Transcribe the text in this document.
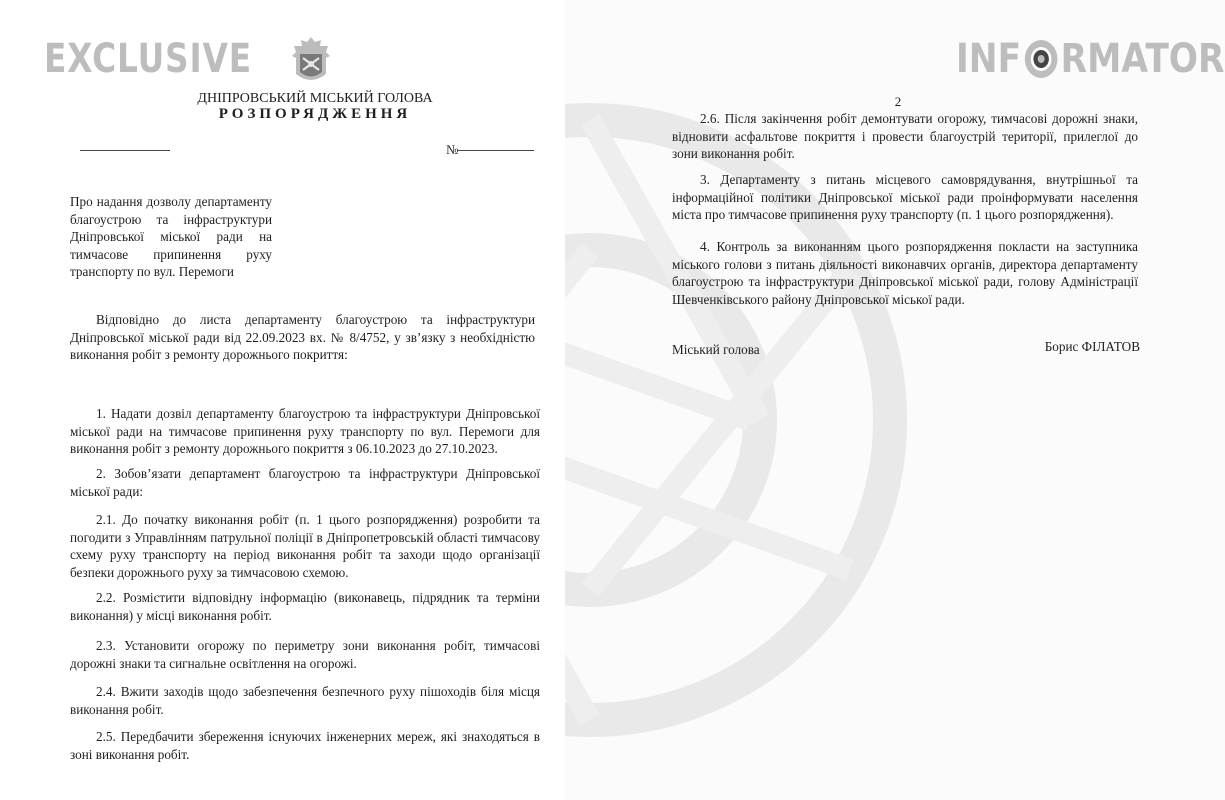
EXCLUSIVE	INF RMATOR

ДНІПРОВСЬКИЙ МІСЬКИЙ ГОЛОВА

РОЗПОРЯДЖЕННЯ

№

Про надання дозволу департаменту благоустрою та інфраструктури Дніпровської міської ради на тимчасове припинення руху транспорту по вул. Перемоги

Відповідно до листа департаменту благоустрою та інфраструктури Дніпровської міської ради від 22.09.2023 вх. № 8/4752, у зв’язку з необхідністю виконання робіт з ремонту дорожнього покриття:

1. Надати дозвіл департаменту благоустрою та інфраструктури Дніпровської міської ради на тимчасове припинення руху транспорту по вул. Перемоги для виконання робіт з ремонту дорожнього покриття з 06.10.2023 до 27.10.2023.

2. Зобов’язати департамент благоустрою та інфраструктури Дніпровської міської ради:

2.1. До початку виконання робіт (п. 1 цього розпорядження) розробити та погодити з Управлінням патрульної поліції в Дніпропетровській області тимчасову схему руху транспорту на період виконання робіт та заходи щодо організації безпеки дорожнього руху за тимчасовою схемою.

2.2. Розмістити відповідну інформацію (виконавець, підрядник та терміни виконання) у місці виконання робіт.

2.3. Установити огорожу по периметру зони виконання робіт, тимчасові дорожні знаки та сигнальне освітлення на огорожі.

2.4. Вжити заходів щодо забезпечення безпечного руху пішоходів біля місця виконання робіт.

2.5. Передбачити збереження існуючих інженерних мереж, які знаходяться в зоні виконання робіт.

2

2.6. Після закінчення робіт демонтувати огорожу, тимчасові дорожні знаки, відновити асфальтове покриття і провести благоустрій території, прилеглої до зони виконання робіт.

3. Департаменту з питань місцевого самоврядування, внутрішньої та інформаційної політики Дніпровської міської ради проінформувати населення міста про тимчасове припинення руху транспорту (п. 1 цього розпорядження).

4. Контроль за виконанням цього розпорядження покласти на заступника міського голови з питань діяльності виконавчих органів, директора департаменту благоустрою та інфраструктури Дніпровської міської ради, голову Адміністрації Шевченківського району Дніпровської міської ради.

Міський голова	Борис ФІЛАТОВ
